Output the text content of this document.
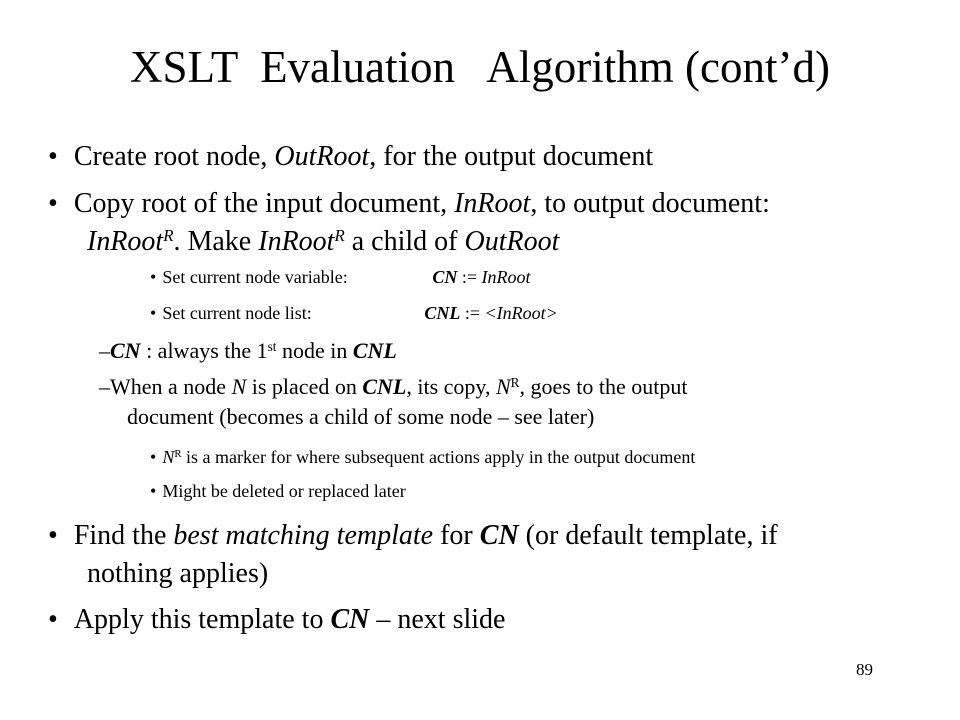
XSLT  Evaluation   Algorithm (cont’d)
• Create root node, OutRoot, for the output document
• Copy root of the input document, InRoot, to output document:
InRoot$^R$. Make InRoot$^R$ a child of OutRoot
• Set current node variable:	CN := InRoot
• Set current node list:	CNL := <InRoot>
–CN : always the 1st node in CNL
–When a node N is placed on CNL, its copy, $N^R$, goes to the output
document (becomes a child of some node – see later)
• $N^R$ is a marker for where subsequent actions apply in the output document
• Might be deleted or replaced later
• Find the best matching template for CN (or default template, if
nothing applies)
• Apply this template to CN – next slide
89
